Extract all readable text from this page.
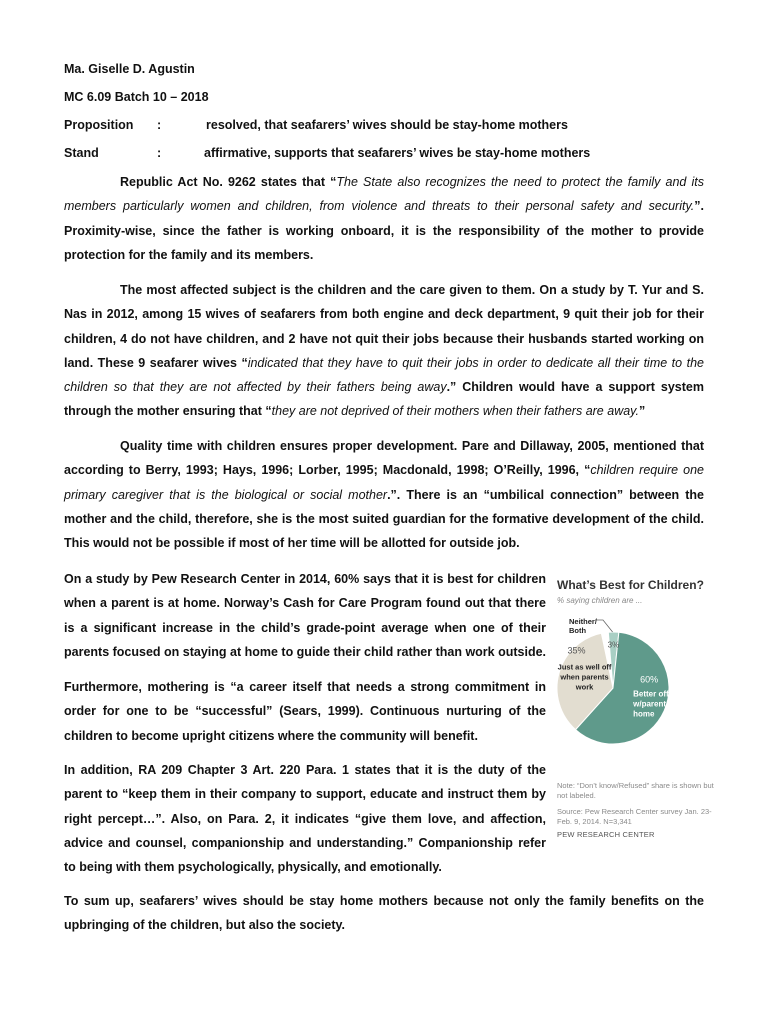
Ma. Giselle D. Agustin
MC 6.09 Batch 10 – 2018
Proposition :	resolved, that seafarers’ wives should be stay-home mothers
Stand	:	affirmative, supports that seafarers’ wives be stay-home mothers

Republic Act No. 9262 states that “The State also recognizes the need to protect the family and its members particularly women and children, from violence and threats to their personal safety and security.”. Proximity-wise, since the father is working onboard, it is the responsibility of the mother to provide protection for the family and its members.

The most affected subject is the children and the care given to them. On a study by T. Yur and S. Nas in 2012, among 15 wives of seafarers from both engine and deck department, 9 quit their job for their children, 4 do not have children, and 2 have not quit their jobs because their husbands started working on land. These 9 seafarer wives “indicated that they have to quit their jobs in order to dedicate all their time to the children so that they are not affected by their fathers being away.” Children would have a support system through the mother ensuring that “they are not deprived of their mothers when their fathers are away.”

Quality time with children ensures proper development. Pare and Dillaway, 2005, mentioned that according to Berry, 1993; Hays, 1996; Lorber, 1995; Macdonald, 1998; O’Reilly, 1996, “children require one primary caregiver that is the biological or social mother.”. There is an “umbilical connection” between the mother and the child, therefore, she is the most suited guardian for the formative development of the child. This would not be possible if most of her time will be allotted for outside job.

On a study by Pew Research Center in 2014, 60% says that it is best for children when a parent is at home. Norway’s Cash for Care Program found out that there is a significant increase in the child’s grade-point average when one of their parents focused on staying at home to guide their child rather than work outside.
Furthermore, mothering is “a career itself that needs a strong commitment in order for one to be “successful” (Sears, 1999). Continuous nurturing of the children to become upright citizens where the community will benefit.
In addition, RA 209 Chapter 3 Art. 220 Para. 1 states that it is the duty of the parent to “keep them in their company to support, educate and instruct them by right percept…”. Also, on Para. 2, it indicates “give them love, and affection, advice and counsel, companionship and understanding.” Companionship refer to being with them psychologically, physically, and emotionally.
To sum up, seafarers’ wives should be stay home mothers because not only the family benefits on the upbringing of the children, but also the society.
What’s Best for Children?
% saying children are ...
60%
Better off
w/parent at
home
35%
Just as well off
when parents
work
3%
Neither/
Both
Note: “Don’t know/Refused” share is shown but not labeled.
Source: Pew Research Center survey Jan. 23-Feb. 9, 2014. N=3,341
PEW RESEARCH CENTER
